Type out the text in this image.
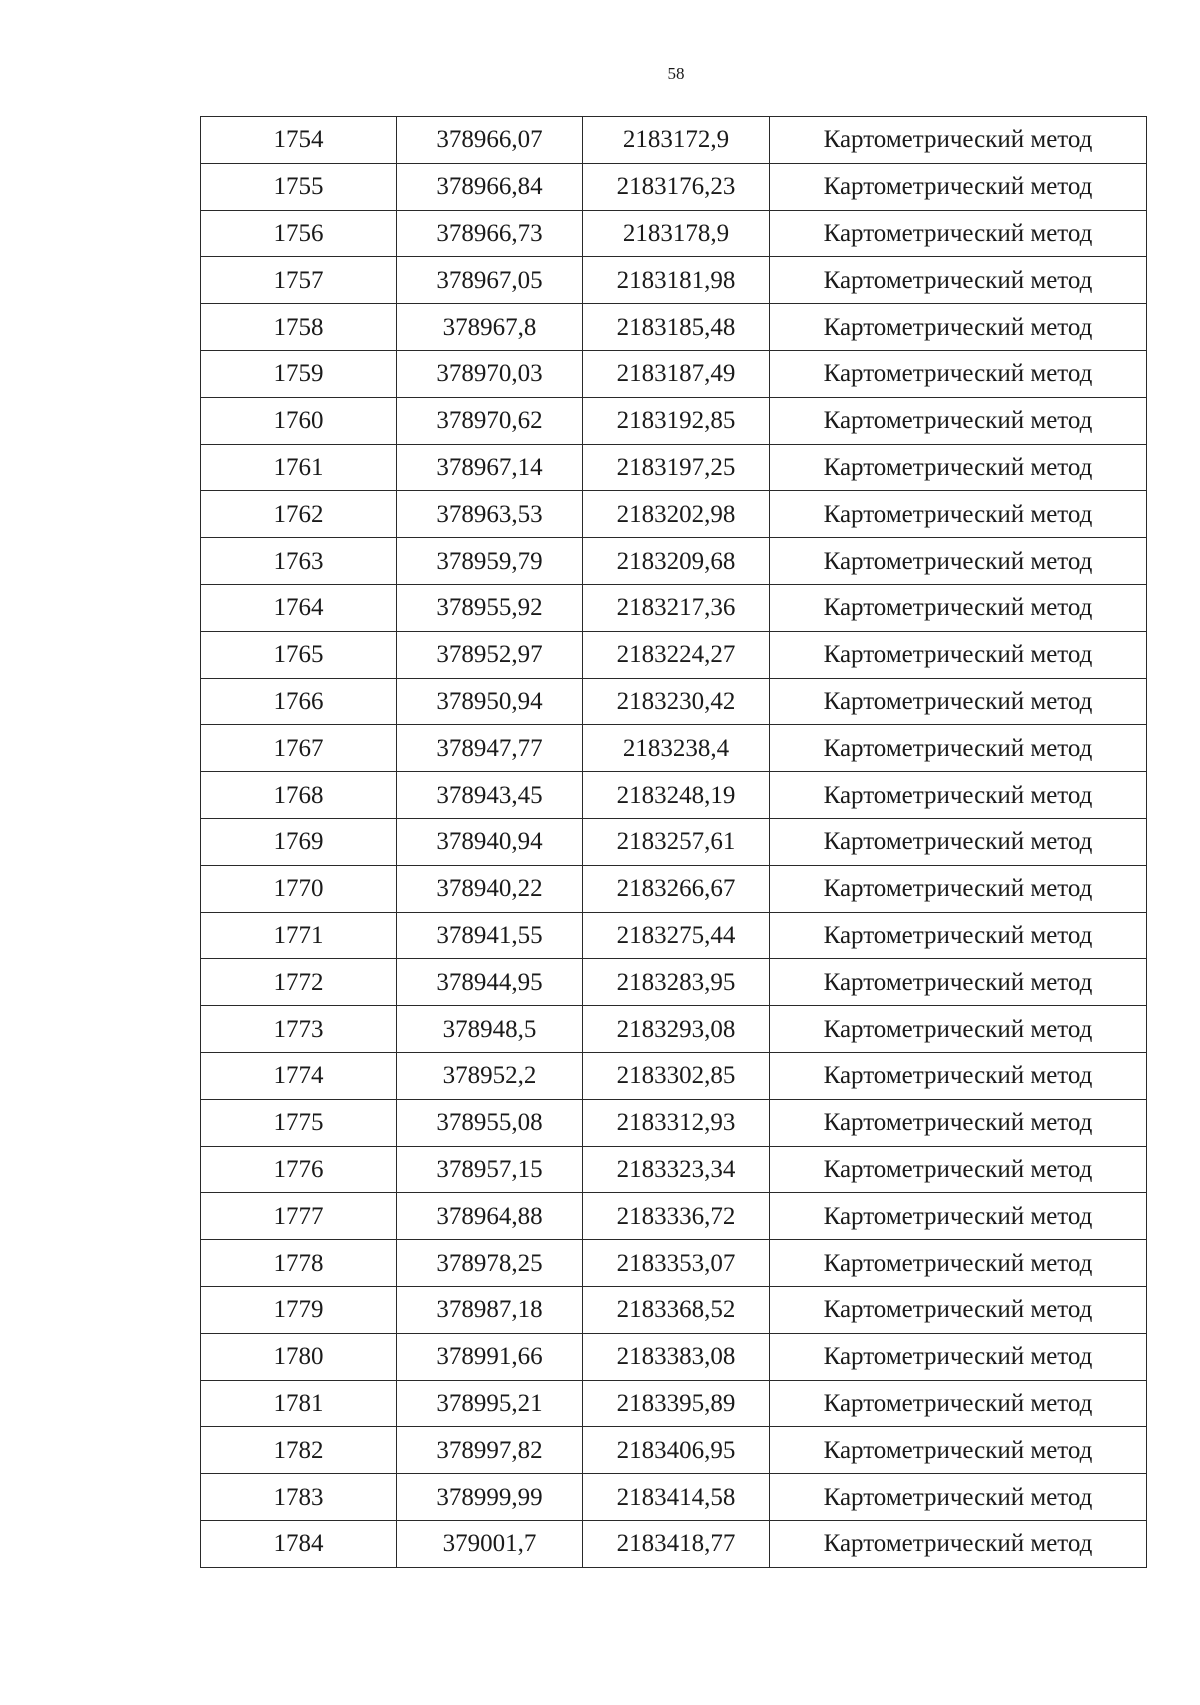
58
1754	378966,07	2183172,9	Картометрический метод
1755	378966,84	2183176,23	Картометрический метод
1756	378966,73	2183178,9	Картометрический метод
1757	378967,05	2183181,98	Картометрический метод
1758	378967,8	2183185,48	Картометрический метод
1759	378970,03	2183187,49	Картометрический метод
1760	378970,62	2183192,85	Картометрический метод
1761	378967,14	2183197,25	Картометрический метод
1762	378963,53	2183202,98	Картометрический метод
1763	378959,79	2183209,68	Картометрический метод
1764	378955,92	2183217,36	Картометрический метод
1765	378952,97	2183224,27	Картометрический метод
1766	378950,94	2183230,42	Картометрический метод
1767	378947,77	2183238,4	Картометрический метод
1768	378943,45	2183248,19	Картометрический метод
1769	378940,94	2183257,61	Картометрический метод
1770	378940,22	2183266,67	Картометрический метод
1771	378941,55	2183275,44	Картометрический метод
1772	378944,95	2183283,95	Картометрический метод
1773	378948,5	2183293,08	Картометрический метод
1774	378952,2	2183302,85	Картометрический метод
1775	378955,08	2183312,93	Картометрический метод
1776	378957,15	2183323,34	Картометрический метод
1777	378964,88	2183336,72	Картометрический метод
1778	378978,25	2183353,07	Картометрический метод
1779	378987,18	2183368,52	Картометрический метод
1780	378991,66	2183383,08	Картометрический метод
1781	378995,21	2183395,89	Картометрический метод
1782	378997,82	2183406,95	Картометрический метод
1783	378999,99	2183414,58	Картометрический метод
1784	379001,7	2183418,77	Картометрический метод
